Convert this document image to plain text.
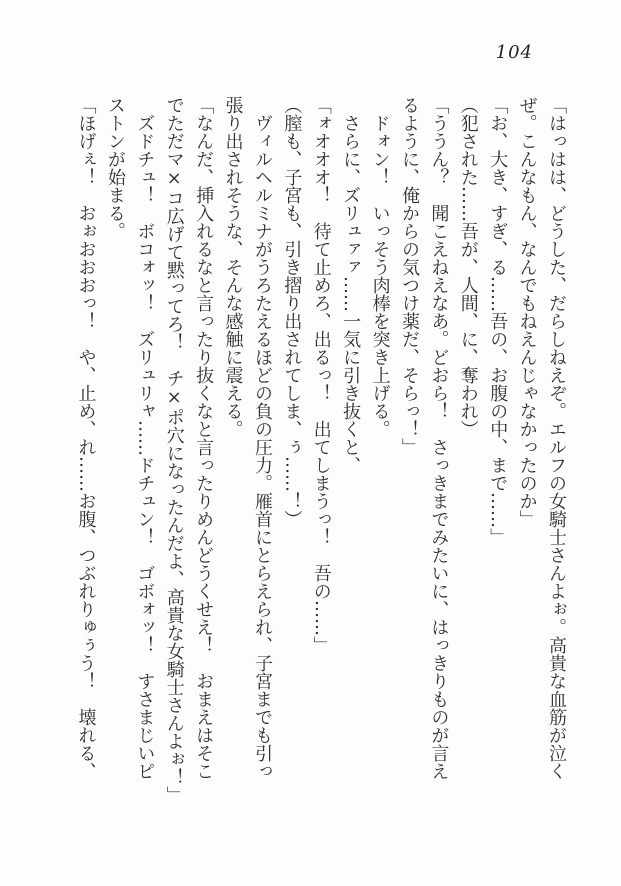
104

「はっはは、どうした、だらしねえぞ。エルフの女騎士さんよぉ。高貴な血筋が泣く

ぜ。こんなもん、なんでもねえんじゃなかったのか」

「お、大き、すぎ、る……吾の、お腹の中、まで……」

（犯された……吾が、人間、に、奪われ）

「ううん？　聞こえねえなあ。どおら！　さっきまでみたいに、はっきりものが言え

るように、俺からの気つけ薬だ、そらっ！」

　ドォン！　いっそう肉棒を突き上げる。

　さらに、ズリュァァ……一気に引き抜くと、

「ォオオオ！　待て止めろ、出るっ！　出てしまうっ！　吾の……」

（膣も、子宮も、引き摺り出されてしま、ぅ……！）

　ヴィルヘルミナがうろたえるほどの負の圧力。雁首にとらえられ、子宮までも引っ

張り出されそうな、そんな感触に震える。

「なんだ、挿入れるなと言ったり抜くなと言ったりめんどうくせえ！　おまえはそこ

でただマ×コ広げて黙ってろ！　チ×ポ穴になったんだよ、高貴な女騎士さんよぉ！」

　ズドチュ！　ボコォッ！　ズリュリャ……ドチュン！　ゴボォッ！　すさまじいピ

ストンが始まる。

「ほげぇ！　おぉおおおっ！　や、止め、れ……お腹、つぶれりゅぅう！　壊れる、
